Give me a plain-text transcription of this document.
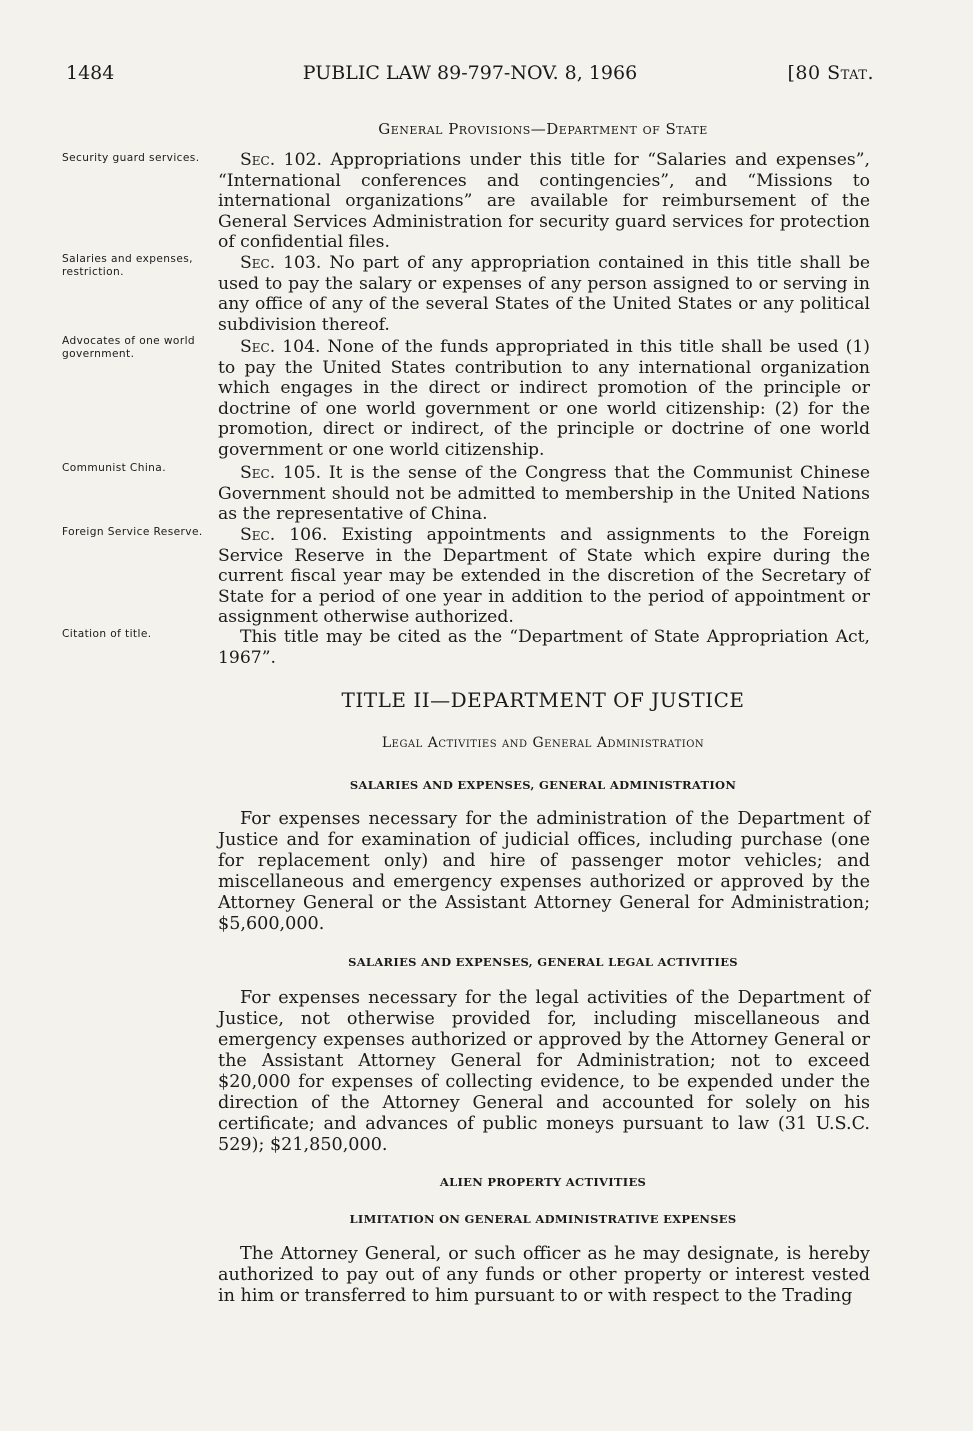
1484	PUBLIC LAW 89-797-NOV. 8, 1966	[80 Stat.
General Provisions—Department of State
Security guard services.	Sec. 102. Appropriations under this title for “Salaries and expenses”, “International conferences and contingencies”, and “Missions to international organizations” are available for reimbursement of the General Services Administration for security guard services for protection of confidential files.

Salaries and expenses, restriction.	Sec. 103. No part of any appropriation contained in this title shall be used to pay the salary or expenses of any person assigned to or serving in any office of any of the several States of the United States or any political subdivision thereof.

Advocates of one world government.	Sec. 104. None of the funds appropriated in this title shall be used (1) to pay the United States contribution to any international organization which engages in the direct or indirect promotion of the principle or doctrine of one world government or one world citizenship: (2) for the promotion, direct or indirect, of the principle or doctrine of one world government or one world citizenship.

Communist China.	Sec. 105. It is the sense of the Congress that the Communist Chinese Government should not be admitted to membership in the United Nations as the representative of China.

Foreign Service Reserve.	Sec. 106. Existing appointments and assignments to the Foreign Service Reserve in the Department of State which expire during the current fiscal year may be extended in the discretion of the Secretary of State for a period of one year in addition to the period of appointment or assignment otherwise authorized.

Citation of title.	This title may be cited as the “Department of State Appropriation Act, 1967”.

TITLE II—DEPARTMENT OF JUSTICE
Legal Activities and General Administration
SALARIES AND EXPENSES, GENERAL ADMINISTRATION

For expenses necessary for the administration of the Department of Justice and for examination of judicial offices, including purchase (one for replacement only) and hire of passenger motor vehicles; and miscellaneous and emergency expenses authorized or approved by the Attorney General or the Assistant Attorney General for Administration; $5,600,000.

SALARIES AND EXPENSES, GENERAL LEGAL ACTIVITIES

For expenses necessary for the legal activities of the Department of Justice, not otherwise provided for, including miscellaneous and emergency expenses authorized or approved by the Attorney General or the Assistant Attorney General for Administration; not to exceed $20,000 for expenses of collecting evidence, to be expended under the direction of the Attorney General and accounted for solely on his certificate; and advances of public moneys pursuant to law (31 U.S.C. 529); $21,850,000.

ALIEN PROPERTY ACTIVITIES
LIMITATION ON GENERAL ADMINISTRATIVE EXPENSES

The Attorney General, or such officer as he may designate, is hereby authorized to pay out of any funds or other property or interest vested in him or transferred to him pursuant to or with respect to the Trading
